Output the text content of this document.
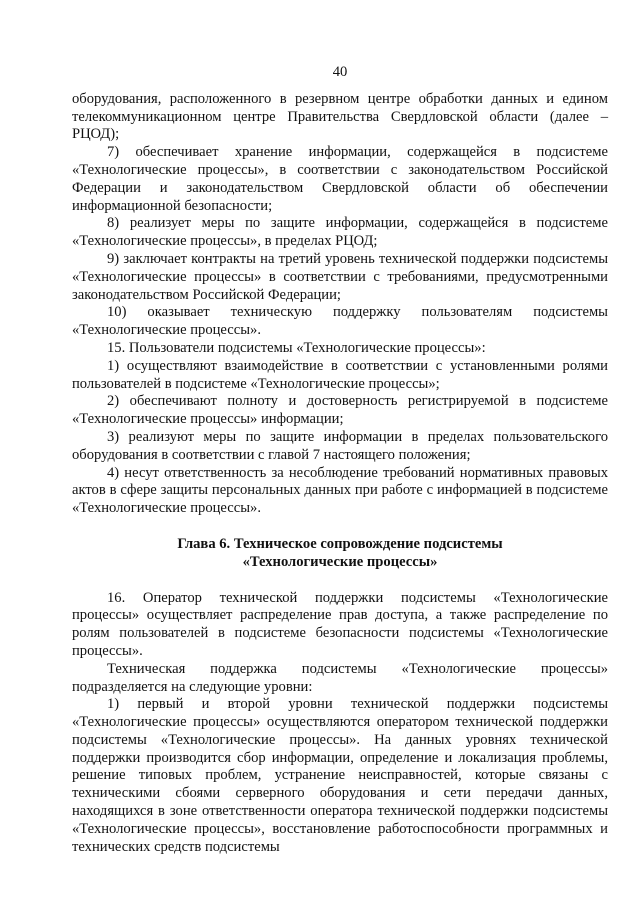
40

оборудования, расположенного в резервном центре обработки данных и едином телекоммуникационном центре Правительства Свердловской области (далее – РЦОД);

7) обеспечивает хранение информации, содержащейся в подсистеме «Технологические процессы», в соответствии с законодательством Российской Федерации и законодательством Свердловской области об обеспечении информационной безопасности;

8) реализует меры по защите информации, содержащейся в подсистеме «Технологические процессы», в пределах РЦОД;

9) заключает контракты на третий уровень технической поддержки подсистемы «Технологические процессы» в соответствии с требованиями, предусмотренными законодательством Российской Федерации;

10) оказывает техническую поддержку пользователям подсистемы «Технологические процессы».

15. Пользователи подсистемы «Технологические процессы»:

1) осуществляют взаимодействие в соответствии с установленными ролями пользователей в подсистеме «Технологические процессы»;

2) обеспечивают полноту и достоверность регистрируемой в подсистеме «Технологические процессы» информации;

3) реализуют меры по защите информации в пределах пользовательского оборудования в соответствии с главой 7 настоящего положения;

4) несут ответственность за несоблюдение требований нормативных правовых актов в сфере защиты персональных данных при работе с информацией в подсистеме «Технологические процессы».

Глава 6. Техническое сопровождение подсистемы

«Технологические процессы»

16. Оператор технической поддержки подсистемы «Технологические процессы» осуществляет распределение прав доступа, а также распределение по ролям пользователей в подсистеме безопасности подсистемы «Технологические процессы».

Техническая поддержка подсистемы «Технологические процессы» подразделяется на следующие уровни:

1) первый и второй уровни технической поддержки подсистемы «Технологические процессы» осуществляются оператором технической поддержки подсистемы «Технологические процессы». На данных уровнях технической поддержки производится сбор информации, определение и локализация проблемы, решение типовых проблем, устранение неисправностей, которые связаны с техническими сбоями серверного оборудования и сети передачи данных, находящихся в зоне ответственности оператора технической поддержки подсистемы «Технологические процессы», восстановление работоспособности программных и технических средств подсистемы
